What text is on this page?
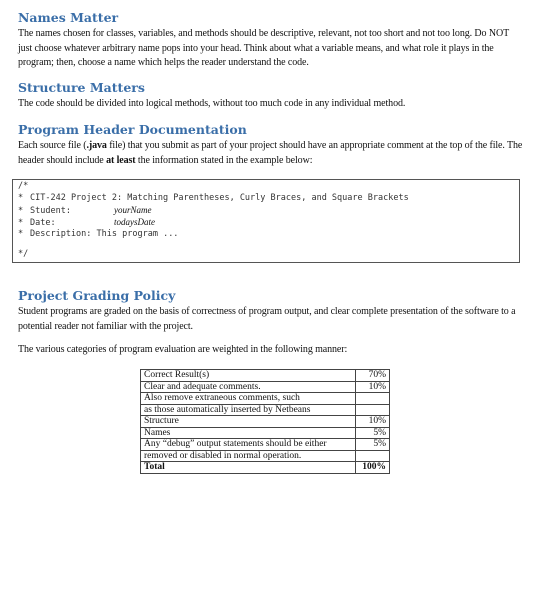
Names Matter
The names chosen for classes, variables, and methods should be descriptive, relevant, not too short and not too long. Do NOT just choose whatever arbitrary name pops into your head. Think about what a variable means, and what role it plays in the program; then, choose a name which helps the reader understand the code.
Structure Matters
The code should be divided into logical methods, without too much code in any individual method.
Program Header Documentation
Each source file (.java file) that you submit as part of your project should have an appropriate comment at the top of the file. The header should include at least the information stated in the example below:
/*
* CIT-242 Project 2: Matching Parentheses, Curly Braces, and Square Brackets
* Student:	yourName
* Date:	todaysDate
* Description: This program ...
*/
Project Grading Policy
Student programs are graded on the basis of correctness of program output, and clear complete presentation of the software to a potential reader not familiar with the project.
The various categories of program evaluation are weighted in the following manner:
Correct Result(s)	70%
Clear and adequate comments.	10%
Also remove extraneous comments, such	
as those automatically inserted by Netbeans	
Structure	10%
Names	5%
Any “debug” output statements should be either	5%
removed or disabled in normal operation.	
Total	100%
